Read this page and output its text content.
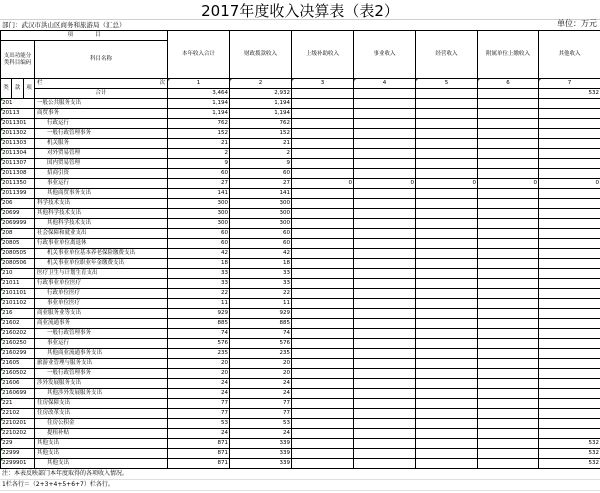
2017年度收入决算表（表2）
部门：武汉市洪山区商务和旅游局（汇总）	单位：万元
项　　　　目				本年收入合计	财政拨款收入	上级补助收入	事业收入	经营收入	附属单位上缴收入	其他收入
支出功能分类科目编码			科目名称							
类	款	项	栏 次	1	2	3	4	5	6	7
			合计	3,464	2,932					532
201			一般公共服务支出	1,194	1,194					
20113			商贸事务	1,194	1,194					
2011301			行政运行	762	762					
2011302			一般行政管理事务	152	152					
2011303			机关服务	21	21					
2011304			对外贸易管理	2	2					
2011307			国内贸易管理	9	9					
2011308			招商引资	60	60					
2011350			事业运行	27	27	0	0	0	0	0
2011399			其他商贸事务支出	141	141					
206			科学技术支出	300	300					
20699			其他科学技术支出	300	300					
2069999			其他科学技术支出	300	300					
208			社会保障和就业支出	60	60					
20805			行政事业单位离退休	60	60					
2080505			机关事业单位基本养老保险缴费支出	42	42					
2080506			机关事业单位职业年金缴费支出	18	18					
210			医疗卫生与计划生育支出	33	33					
21011			行政事业单位医疗	33	33					
2101101			行政单位医疗	22	22					
2101102			事业单位医疗	11	11					
216			商业服务业等支出	929	929					
21602			商业流通事务	885	885					
2160202			一般行政管理事务	74	74					
2160250			事业运行	576	576					
2160299			其他商业流通事务支出	235	235					
21605			旅游业管理与服务支出	20	20					
2160502			一般行政管理事务	20	20					
21606			涉外发展服务支出	24	24					
2160699			其他涉外发展服务支出	24	24					
221			住房保障支出	77	77					
22102			住房改革支出	77	77					
2210201			住房公积金	53	53					
2210202			提租补贴	24	24					
229			其他支出	871	339					532
22999			其他支出	871	339					532
2299901			其他支出	871	339					532
注：本表反映部门本年度取得的各项收入情况。
1栏各行＝（2+3+4+5+6+7）栏各行。
